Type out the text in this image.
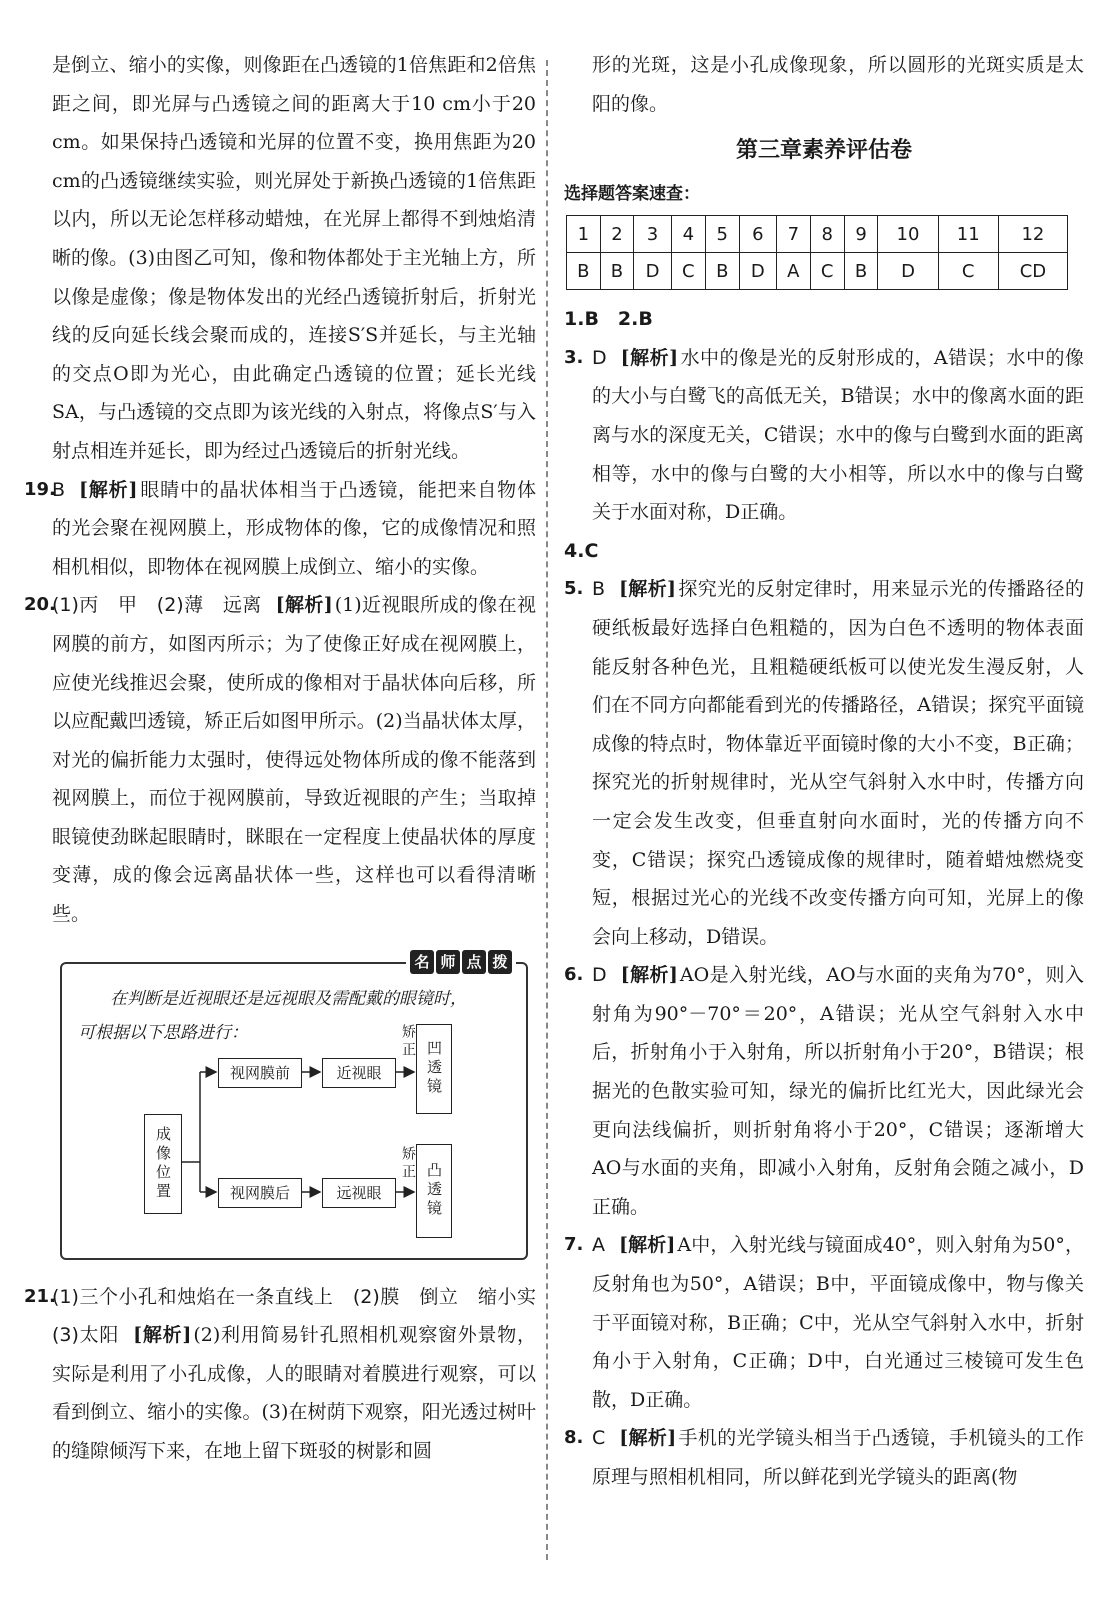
是倒立、缩小的实像，则像距在凸透镜的1倍焦距和2倍焦距之间，即光屏与凸透镜之间的距离大于10 cm小于20 cm。如果保持凸透镜和光屏的位置不变，换用焦距为20 cm的凸透镜继续实验，则光屏处于新换凸透镜的1倍焦距以内，所以无论怎样移动蜡烛，在光屏上都得不到烛焰清晰的像。(3)由图乙可知，像和物体都处于主光轴上方，所以像是虚像；像是物体发出的光经凸透镜折射后，折射光线的反向延长线会聚而成的，连接S′S并延长，与主光轴的交点O即为光心，由此确定凸透镜的位置；延长光线SA，与凸透镜的交点即为该光线的入射点，将像点S′与入射点相连并延长，即为经过凸透镜后的折射光线。

19.
B [解析] 眼睛中的晶状体相当于凸透镜，能把来自物体的光会聚在视网膜上，形成物体的像，它的成像情况和照相机相似，即物体在视网膜上成倒立、缩小的实像。

20.
(1)丙　甲　(2)薄　远离 [解析] (1)近视眼所成的像在视网膜的前方，如图丙所示；为了使像正好成在视网膜上，应使光线推迟会聚，使所成的像相对于晶状体向后移，所以应配戴凹透镜，矫正后如图甲所示。(2)当晶状体太厚，对光的偏折能力太强时，使得远处物体所成的像不能落到视网膜上，而位于视网膜前，导致近视眼的产生；当取掉眼镜使劲眯起眼睛时，眯眼在一定程度上使晶状体的厚度变薄，成的像会远离晶状体一些，这样也可以看得清晰些。

名 师 点 拨
在判断是近视眼还是远视眼及需配戴的眼镜时，
可根据以下思路进行：
成像位置
视网膜前	近视眼
矫正 凹透镜
视网膜后	远视眼
矫正 凸透镜

21.
(1)三个小孔和烛焰在一条直线上　(2)膜　倒立　缩小实　(3)太阳 [解析] (2)利用简易针孔照相机观察窗外景物，实际是利用了小孔成像，人的眼睛对着膜进行观察，可以看到倒立、缩小的实像。(3)在树荫下观察，阳光透过树叶的缝隙倾泻下来，在地上留下斑驳的树影和圆

形的光斑，这是小孔成像现象，所以圆形的光斑实质是太阳的像。

第三章素养评估卷
选择题答案速查：
1	2	3	4	5	6	7	8	9	10	11	12
B	B	D	C	B	D	A	C	B	D	C	CD

1.B　2.B

3. D [解析] 水中的像是光的反射形成的，A错误；水中的像的大小与白鹭飞的高低无关，B错误；水中的像离水面的距离与水的深度无关，C错误；水中的像与白鹭到水面的距离相等，水中的像与白鹭的大小相等，所以水中的像与白鹭关于水面对称，D正确。

4.C

5. B [解析] 探究光的反射定律时，用来显示光的传播路径的硬纸板最好选择白色粗糙的，因为白色不透明的物体表面能反射各种色光，且粗糙硬纸板可以使光发生漫反射，人们在不同方向都能看到光的传播路径，A错误；探究平面镜成像的特点时，物体靠近平面镜时像的大小不变，B正确；探究光的折射规律时，光从空气斜射入水中时，传播方向一定会发生改变，但垂直射向水面时，光的传播方向不变，C错误；探究凸透镜成像的规律时，随着蜡烛燃烧变短，根据过光心的光线不改变传播方向可知，光屏上的像会向上移动，D错误。

6. D [解析] AO是入射光线，AO与水面的夹角为70°，则入射角为90°－70°＝20°，A错误；光从空气斜射入水中后，折射角小于入射角，所以折射角小于20°，B错误；根据光的色散实验可知，绿光的偏折比红光大，因此绿光会更向法线偏折，则折射角将小于20°，C错误；逐渐增大AO与水面的夹角，即减小入射角，反射角会随之减小，D正确。

7. A [解析] A中，入射光线与镜面成40°，则入射角为50°，反射角也为50°，A错误；B中，平面镜成像中，物与像关于平面镜对称，B正确；C中，光从空气斜射入水中，折射角小于入射角，C正确；D中，白光通过三棱镜可发生色散，D正确。

8. C [解析] 手机的光学镜头相当于凸透镜，手机镜头的工作原理与照相机相同，所以鲜花到光学镜头的距离(物
